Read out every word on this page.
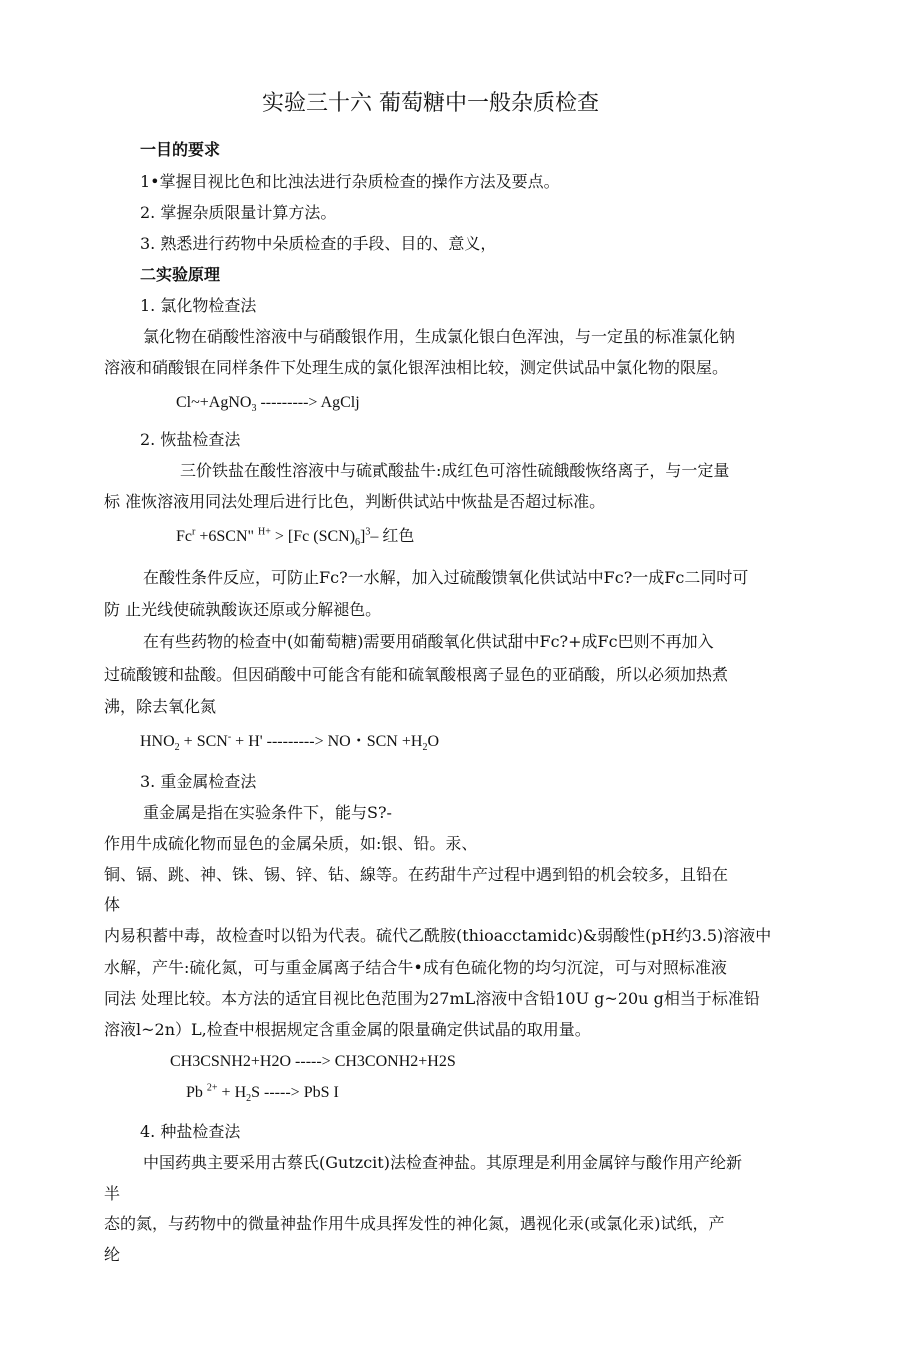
实验三十六 葡萄糖中一般杂质检查
一目的要求
1•掌握目视比色和比浊法进行杂质检查的操作方法及要点。
2. 掌握杂质限量计算方法。
3. 熟悉进行药物中朵质检查的手段、目的、意义，
二实验原理
1. 氯化物检查法
氯化物在硝酸性溶液中与硝酸银作用，生成氯化银白色浑浊，与一定虽的标准氯化钠
溶液和硝酸银在同样条件下处理生成的氯化银浑浊相比较，测定供试品中氯化物的限屋。
Cl~+AgNO$_3$ ---------> AgClj
2. 恢盐检查法
三价铁盐在酸性溶液中与硫貳酸盐牛:成红色可溶性硫餓酸恢络离子，与一定量
标 准恢溶液用同法处理后进行比色，判断供试站中恢盐是否超过标准。
$Fc^r +6SCN$" $^{H+}$ > [Fc $(SCN)_6]^3-$ 红色
在酸性条件反应，可防止Fc?一水解，加入过硫酸馈氧化供试站中Fc?一成Fc二同吋可
防 止光线使硫孰酸诙还原或分解褪色。
在有些药物的检查中(如葡萄糖)需要用硝酸氧化供试甜中Fc?+成Fc巴则不再加入
过硫酸镀和盐酸。但因硝酸中可能含有能和硫氧酸根离子显色的亚硝酸，所以必须加热煮
沸，除去氧化氮
$HNO_2 + SCN^- + H'$ ---------> NO・SCN $+H_2O$
3. 重金属检查法
重金属是指在实验条件下，能与S?-
作用牛成硫化物而显色的金属朵质，如:银、铅。汞、
铜、镉、跳、神、铢、锡、锌、钻、線等。在药甜牛产过程中遇到铅的机会较多，且铅在
体
内易积蓄中毒，故检查吋以铅为代表。硫代乙酰胺(thioacctamidc)&弱酸性(pH约3.5)溶液中
水解，产牛:硫化氮，可与重金属离子结合牛•成有色硫化物的均匀沉淀，可与对照标准液
同法 处理比较。本方法的适宜目视比色范围为27mL溶液中含铅10U g~20u g相当于标准铅
溶液l~2n）L,检查中根据规定含重金属的限量确定供试晶的取用量。
CH3CSNH2+H2O -----> CH3CONH2+H2S
Pb $^{2+} + H_2S$ -----> PbS I
4. 种盐检查法
中国药典主要采用古蔡氏(Gutzcit)法检查神盐。其原理是利用金属锌与酸作用产纶新
半
态的氮，与药物中的微量神盐作用牛成具挥发性的神化氮，遇视化汞(或氯化汞)试纸，产
纶
